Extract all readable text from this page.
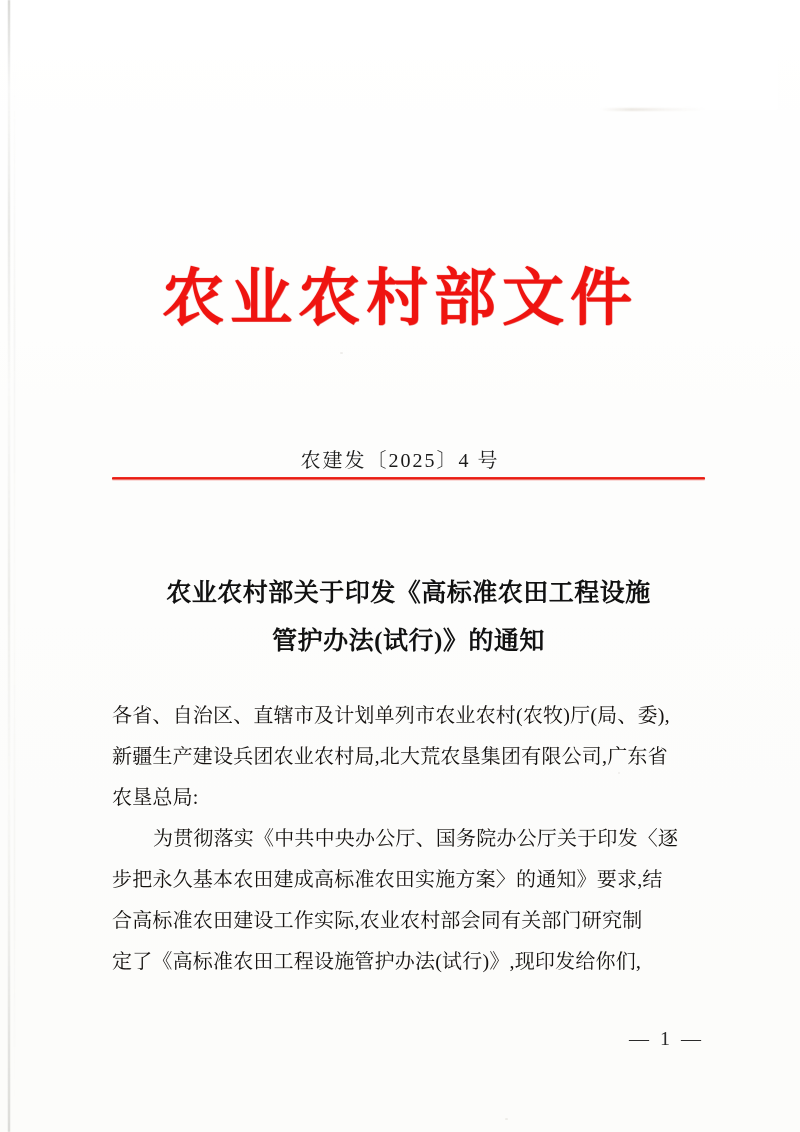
农业农村部文件
农建发〔2025〕4 号
农业农村部关于印发《高标准农田工程设施
管护办法(试行)》的通知

各省、自治区、直辖市及计划单列市农业农村(农牧)厅(局、委),
新疆生产建设兵团农业农村局,北大荒农垦集团有限公司,广东省
农垦总局:

为贯彻落实《中共中央办公厅、国务院办公厅关于印发〈逐
步把永久基本农田建成高标准农田实施方案〉的通知》要求,结
合高标准农田建设工作实际,农业农村部会同有关部门研究制
定了《高标准农田工程设施管护办法(试行)》,现印发给你们,

— 1 —
